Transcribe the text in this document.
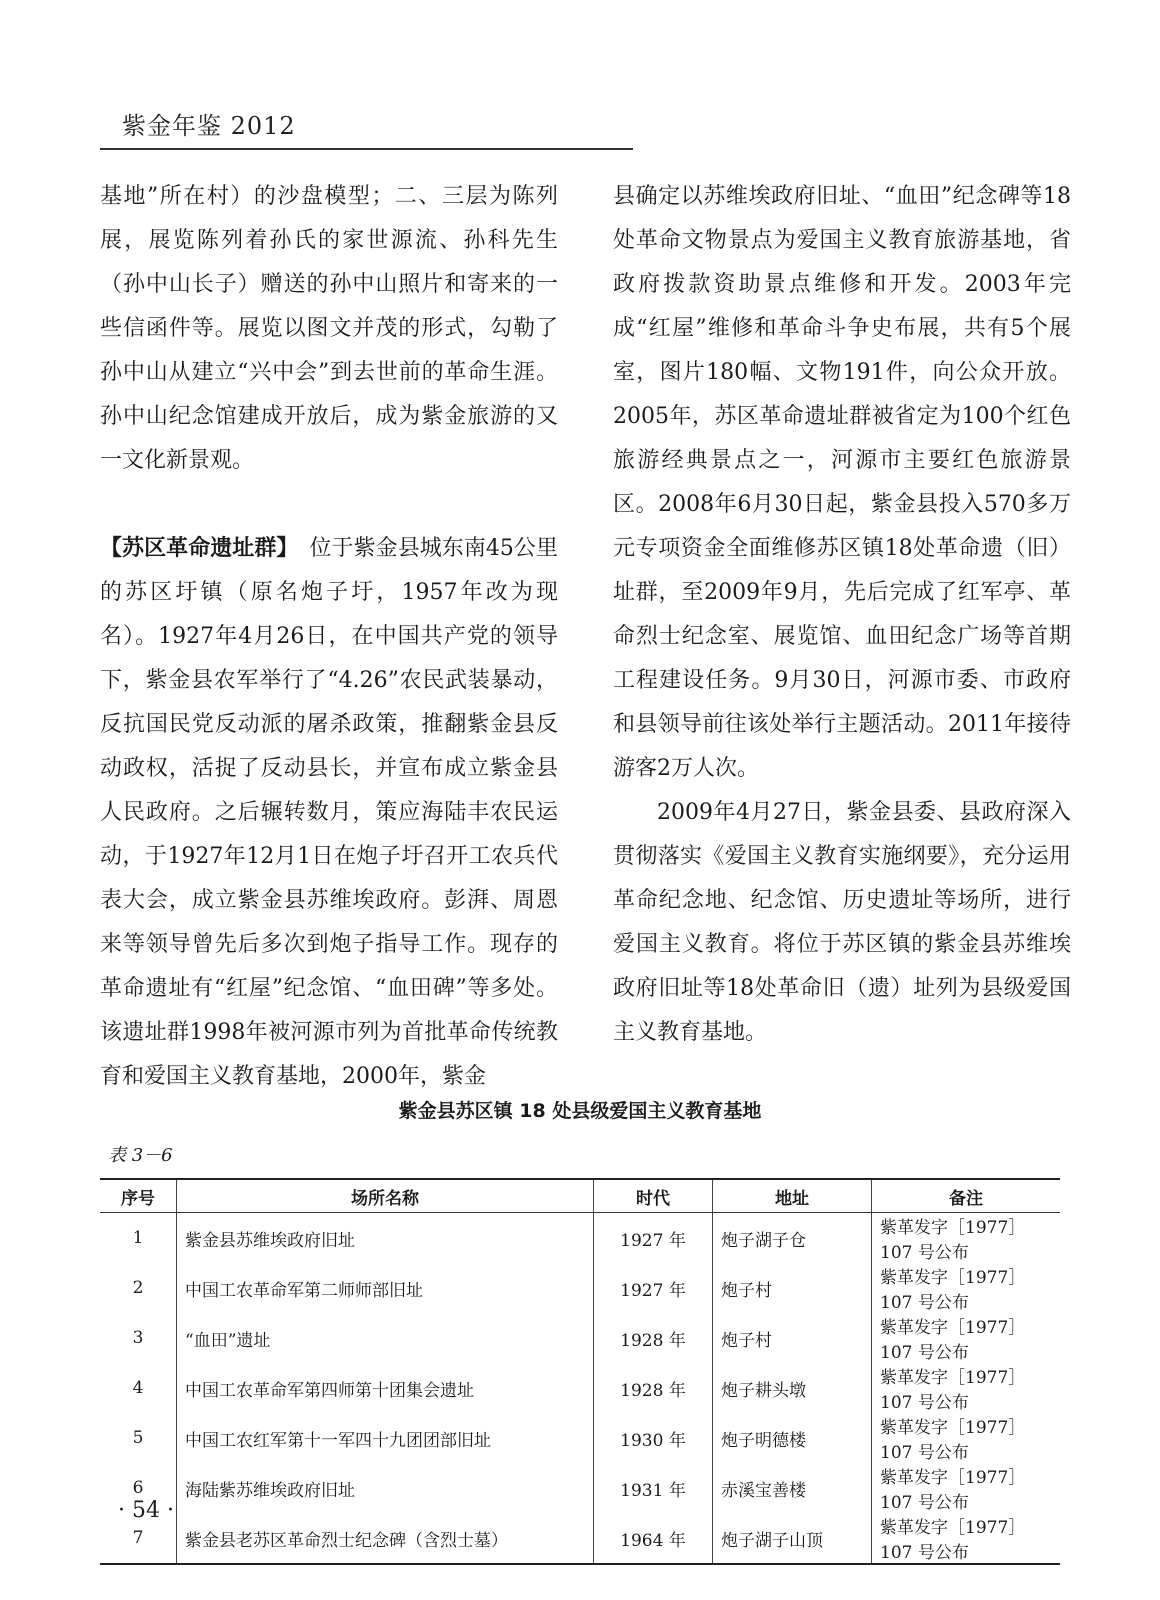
紫金年鉴 2012

基地”所在村）的沙盘模型；二、三层为陈列展，展览陈列着孙氏的家世源流、孙科先生（孙中山长子）赠送的孙中山照片和寄来的一些信函件等。展览以图文并茂的形式，勾勒了孙中山从建立“兴中会”到去世前的革命生涯。孙中山纪念馆建成开放后，成为紫金旅游的又一文化新景观。

【苏区革命遗址群】　 位于紫金县城东南45公里的苏区圩镇（原名炮子圩，1957年改为现名）。1927年4月26日，在中国共产党的领导下，紫金县农军举行了“4.26”农民武装暴动，反抗国民党反动派的屠杀政策，推翻紫金县反动政权，活捉了反动县长，并宣布成立紫金县人民政府。之后辗转数月，策应海陆丰农民运动，于1927年12月1日在炮子圩召开工农兵代表大会，成立紫金县苏维埃政府。彭湃、周恩来等领导曾先后多次到炮子指导工作。现存的革命遗址有“红屋”纪念馆、“血田碑”等多处。该遗址群1998年被河源市列为首批革命传统教育和爱国主义教育基地，2000年，紫金

县确定以苏维埃政府旧址、“血田”纪念碑等18处革命文物景点为爱国主义教育旅游基地，省政府拨款资助景点维修和开发。2003年完成“红屋”维修和革命斗争史布展，共有5个展室，图片180幅、文物191件，向公众开放。2005年，苏区革命遗址群被省定为100个红色旅游经典景点之一，河源市主要红色旅游景区。2008年6月30日起，紫金县投入570多万元专项资金全面维修苏区镇18处革命遗（旧）址群，至2009年9月，先后完成了红军亭、革命烈士纪念室、展览馆、血田纪念广场等首期工程建设任务。9月30日，河源市委、市政府和县领导前往该处举行主题活动。2011年接待游客2万人次。

2009年4月27日，紫金县委、县政府深入贯彻落实《爱国主义教育实施纲要》，充分运用革命纪念地、纪念馆、历史遗址等场所，进行爱国主义教育。将位于苏区镇的紫金县苏维埃政府旧址等18处革命旧（遗）址列为县级爱国主义教育基地。

紫金县苏区镇 18 处县级爱国主义教育基地
表 3－6
序号	场所名称	时代	地址	备注
1	紫金县苏维埃政府旧址	1927 年	炮子湖子仓	紫革发字［1977］107 号公布
2	中国工农革命军第二师师部旧址	1927 年	炮子村	紫革发字［1977］107 号公布
3	“血田”遗址	1928 年	炮子村	紫革发字［1977］107 号公布
4	中国工农革命军第四师第十团集会遗址	1928 年	炮子耕头墩	紫革发字［1977］107 号公布
5	中国工农红军第十一军四十九团团部旧址	1930 年	炮子明德楼	紫革发字［1977］107 号公布
6	海陆紫苏维埃政府旧址	1931 年	赤溪宝善楼	紫革发字［1977］107 号公布
7	紫金县老苏区革命烈士纪念碑（含烈士墓）	1964 年	炮子湖子山顶	紫革发字［1977］107 号公布
· 54 ·
